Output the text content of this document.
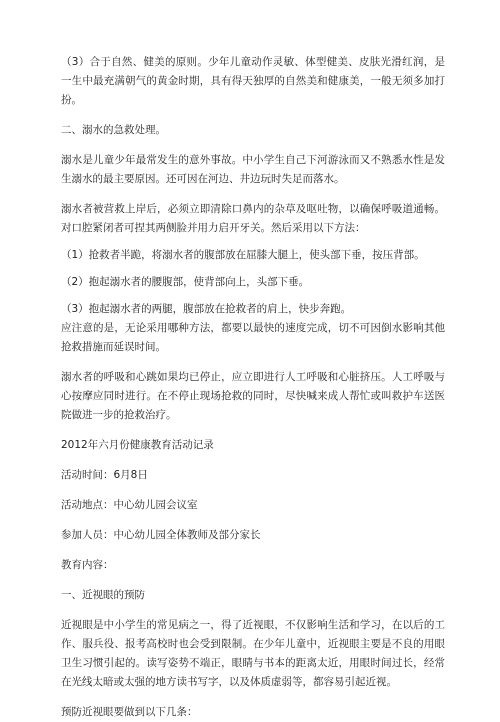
（3）合于自然、健美的原则。少年儿童动作灵敏、体型健美、皮肤光滑红润，是一生中最充满朝气的黄金时期，具有得天独厚的自然美和健康美，一般无须多加打扮。

二、溺水的急救处理。

溺水是儿童少年最常发生的意外事故。中小学生自己下河游泳而又不熟悉水性是发生溺水的最主要原因。还可因在河边、井边玩时失足而落水。

溺水者被营救上岸后，必须立即清除口鼻内的杂草及呕吐物，以确保呼吸道通畅。对口腔紧闭者可捏其两侧脸并用力启开牙关。然后采用以下方法：

（1）抢救者半跪，将溺水者的腹部放在屈膝大腿上，使头部下垂，按压背部。

（2）抱起溺水者的腰腹部，使背部向上，头部下垂。

（3）抱起溺水者的两腿，腹部放在抢救者的肩上，快步奔跑。

应注意的是，无论采用哪种方法，都要以最快的速度完成，切不可因倒水影响其他抢救措施而延误时间。

溺水者的呼吸和心跳如果均已停止，应立即进行人工呼吸和心脏挤压。人工呼吸与心按摩应同时进行。在不停止现场抢救的同时，尽快喊来成人帮忙或叫救护车送医院做进一步的抢救治疗。

2012年六月份健康教育活动记录

活动时间：6月8日

活动地点：中心幼儿园会议室

参加人员：中心幼儿园全体教师及部分家长

教育内容：

一、近视眼的预防

近视眼是中小学生的常见病之一，得了近视眼，不仅影响生活和学习，在以后的工作、服兵役、报考高校时也会受到限制。在少年儿童中，近视眼主要是不良的用眼卫生习惯引起的。读写姿势不端正，眼睛与书本的距离太近，用眼时间过长，经常在光线太暗或太强的地方读书写字，以及体质虚弱等，都容易引起近视。

预防近视眼要做到以下几条：
